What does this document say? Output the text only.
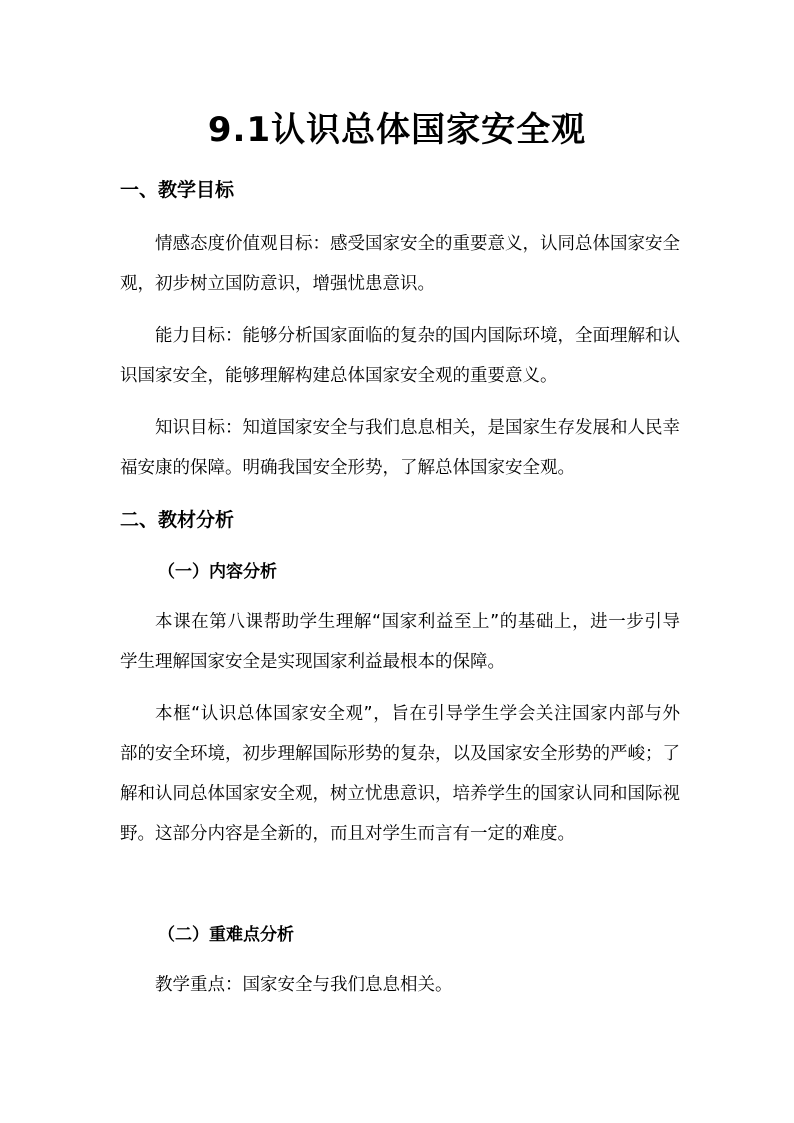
9.1认识总体国家安全观
一、教学目标
情感态度价值观目标：感受国家安全的重要意义，认同总体国家安全观，初步树立国防意识，增强忧患意识。
能力目标：能够分析国家面临的复杂的国内国际环境，全面理解和认识国家安全，能够理解构建总体国家安全观的重要意义。
知识目标：知道国家安全与我们息息相关，是国家生存发展和人民幸福安康的保障。明确我国安全形势，了解总体国家安全观。
二、教材分析
（一）内容分析
本课在第八课帮助学生理解“国家利益至上”的基础上，进一步引导学生理解国家安全是实现国家利益最根本的保障。
本框“认识总体国家安全观”，旨在引导学生学会关注国家内部与外部的安全环境，初步理解国际形势的复杂，以及国家安全形势的严峻；了解和认同总体国家安全观，树立忧患意识，培养学生的国家认同和国际视野。这部分内容是全新的，而且对学生而言有一定的难度。
（二）重难点分析
教学重点：国家安全与我们息息相关。
